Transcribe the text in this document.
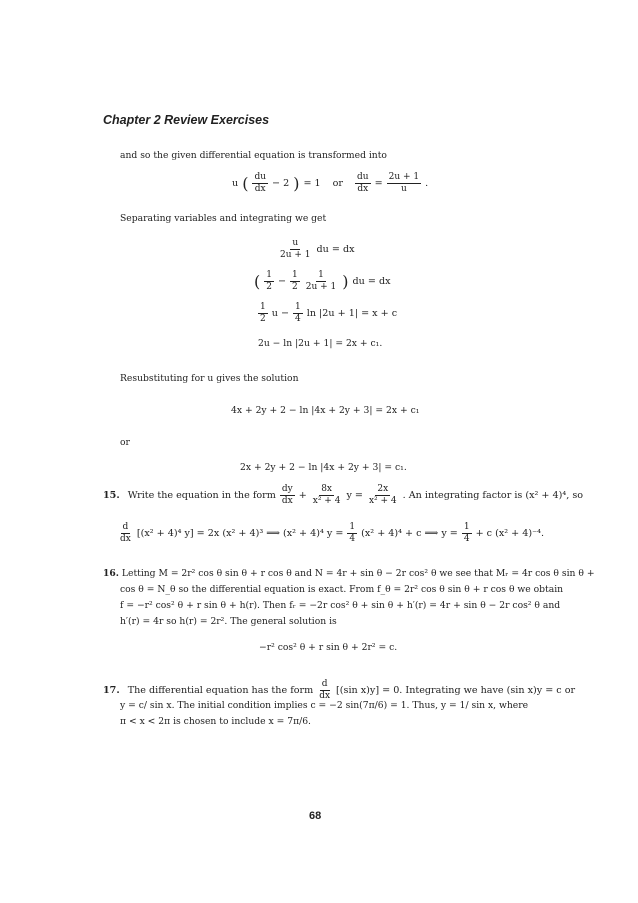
Chapter 2 Review Exercises
and so the given differential equation is transformed into
u ( $\frac{du}{dx} - 2$ ) = 1 or $\frac{du}{dx} = \frac{2u + 1}{u}$ .
Separating variables and integrating we get
$\frac{u}{2u + 1}$ du = dx
( $\frac{1}{2} - \frac{1}{2} \frac{1}{2u + 1}$ ) du = dx
$\frac{1}{2}$ $u - \frac{1}{4}$ ln |2u + 1| = x + c
2u − ln |2u + 1| = 2x + c₁.
Resubstituting for u gives the solution
4x + 2y + 2 − ln |4x + 2y + 3| = 2x + c₁
or
2x + 2y + 2 − ln |4x + 2y + 3| = c₁.
15. Write the equation in the form $\frac{dy}{dx} + \frac{8x}{\text{x² + 4}}$ $y = \frac{2x}{\text{x² + 4}}$ . An integrating factor is (x² + 4)⁴, so
$\frac{d}{dx} [(x^2 + 4)^4$ y] = 2x (x² + 4)³ ⟹ (x² + 4)⁴ $y = \frac{1}{4} (x^2 + 4)^4 + c$ ⟹ $y = \frac{1}{4} + c$ (x² + 4)⁻⁴.
16. Letting M = 2r² cos θ sin θ + r cos θ and N = 4r + sin θ − 2r cos² θ we see that Mᵣ = 4r cos θ sin θ +
cos θ = N_θ so the differential equation is exact. From f_θ = 2r² cos θ sin θ + r cos θ we obtain
f = −r² cos² θ + r sin θ + h(r). Then fᵣ = −2r cos² θ + sin θ + h′(r) = 4r + sin θ − 2r cos² θ and
h′(r) = 4r so h(r) = 2r². The general solution is
−r² cos² θ + r sin θ + 2r² = c.
17. The differential equation has the form $\frac{d}{dx} [(\sin$ x)y] = 0. Integrating we have (sin x)y = c or
y = c/ sin x. The initial condition implies c = −2 sin(7π/6) = 1. Thus, y = 1/ sin x, where
π < x < 2π is chosen to include x = 7π/6.
68
